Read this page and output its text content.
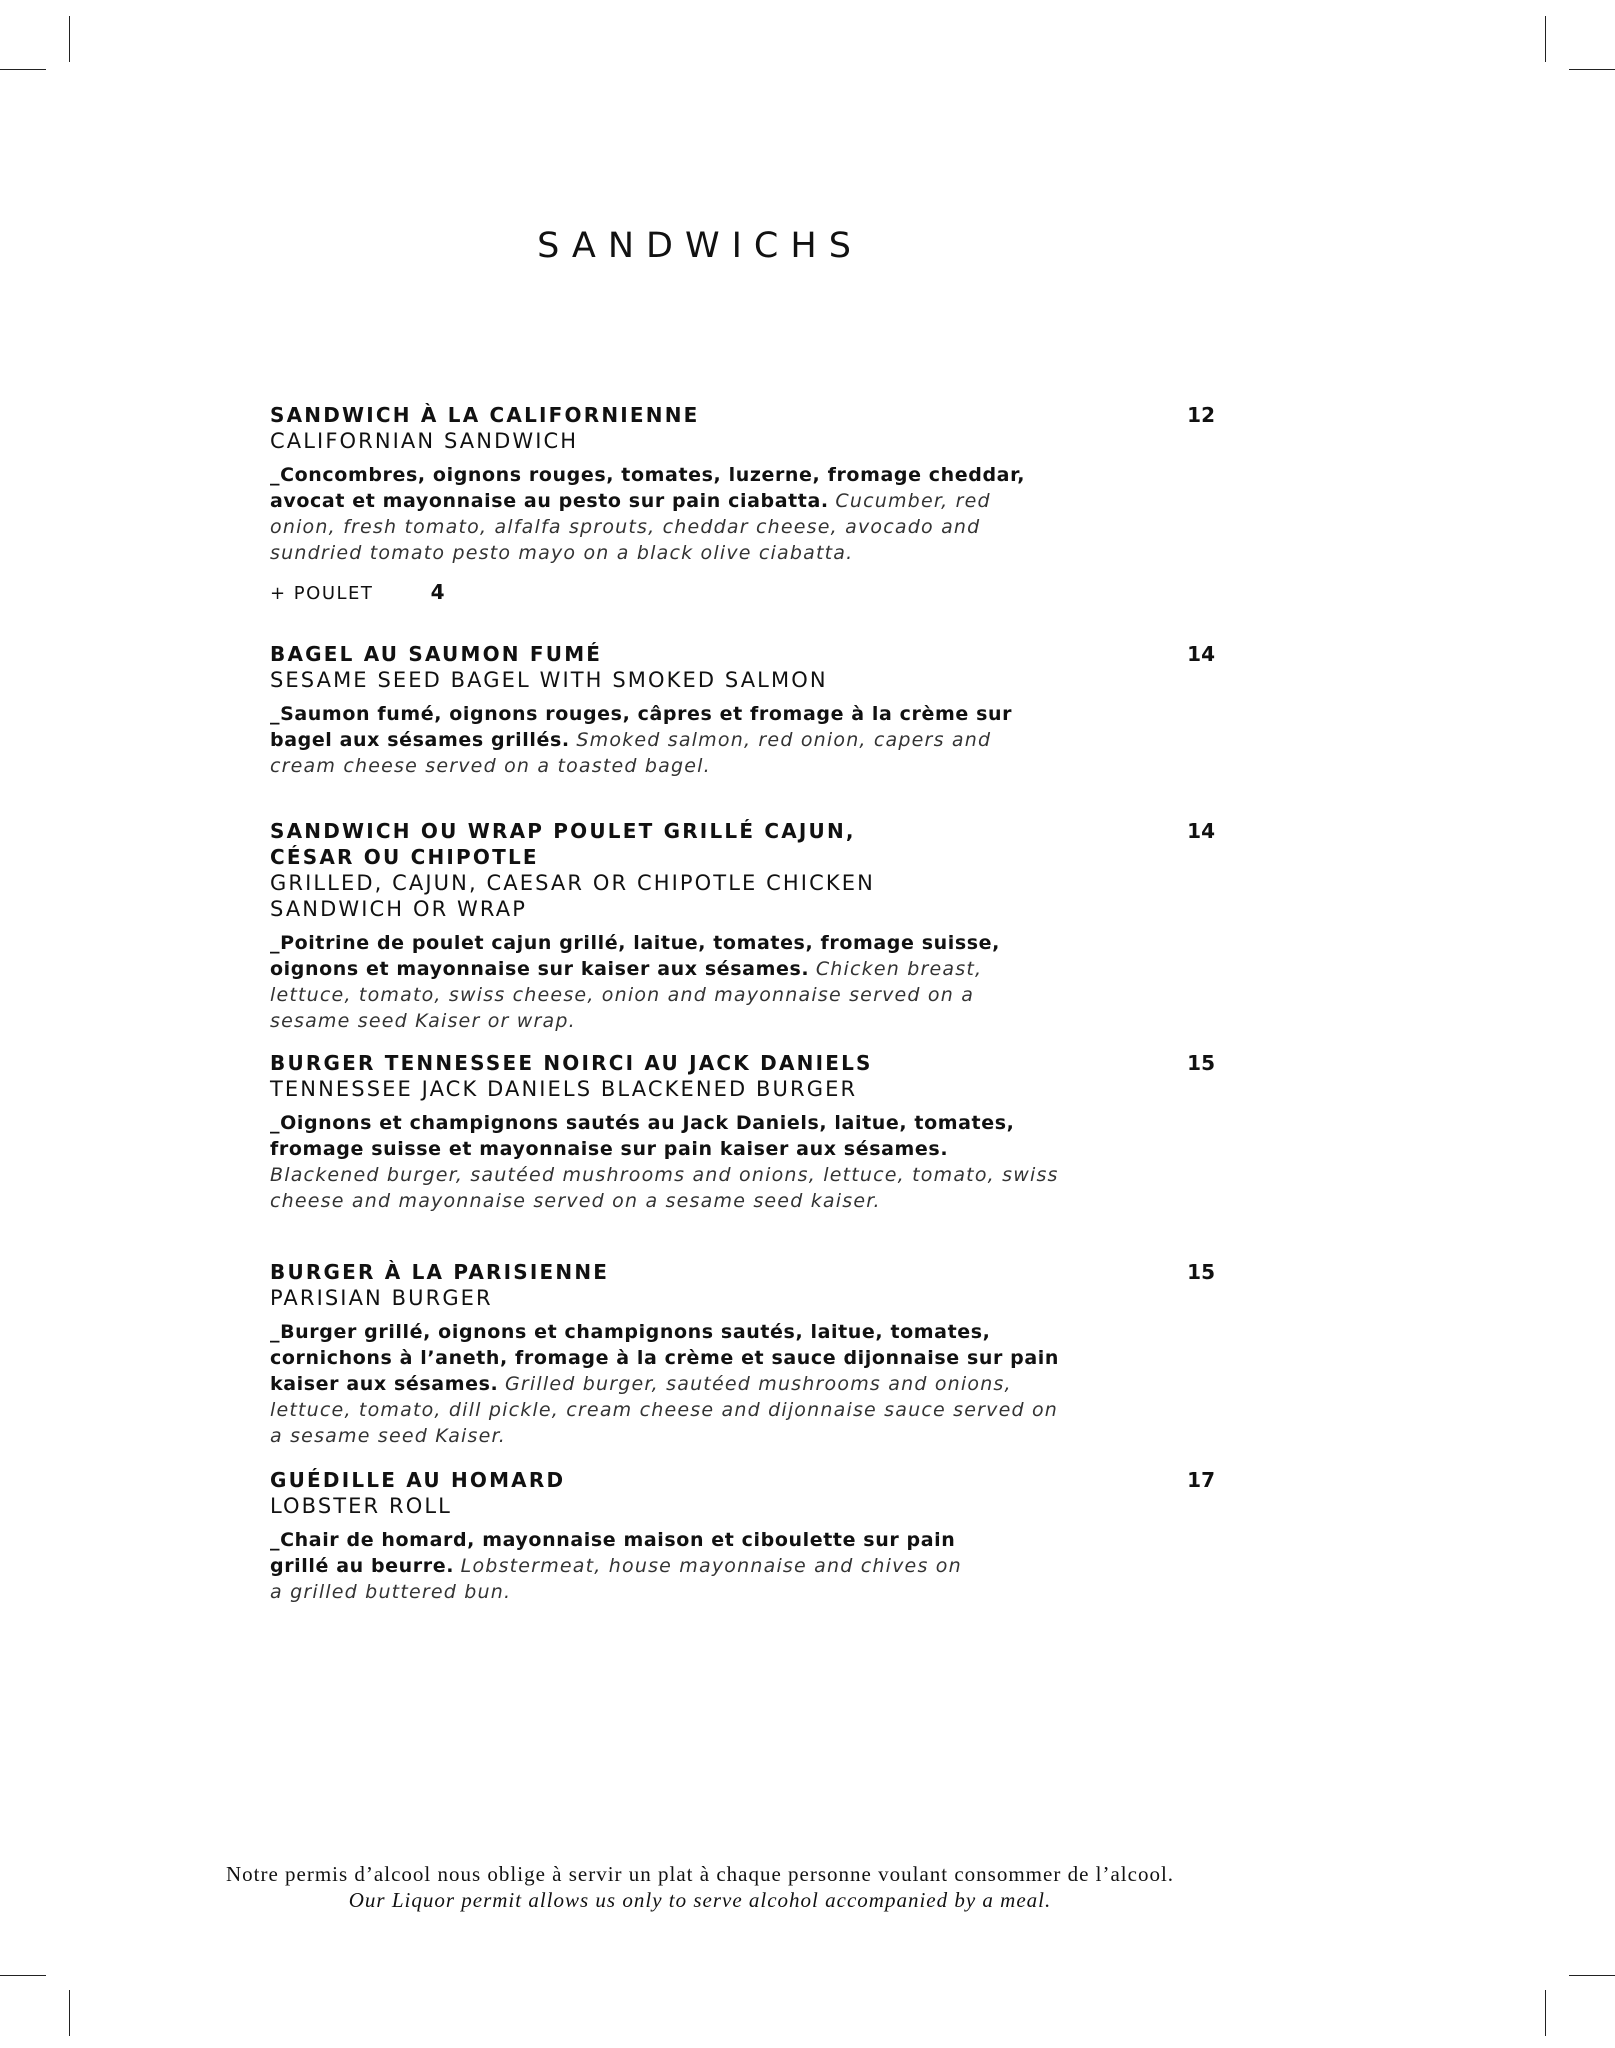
SANDWICHS
SANDWICH À LA CALIFORNIENNE
CALIFORNIAN SANDWICH
12
_Concombres, oignons rouges, tomates, luzerne, fromage cheddar, avocat et mayonnaise au pesto sur pain ciabatta. Cucumber, red onion, fresh tomato, alfalfa sprouts, cheddar cheese, avocado and sundried tomato pesto mayo on a black olive ciabatta.
+ POULET	4
BAGEL AU SAUMON FUMÉ
SESAME SEED BAGEL WITH SMOKED SALMON
14
_Saumon fumé, oignons rouges, câpres et fromage à la crème sur bagel aux sésames grillés. Smoked salmon, red onion, capers and cream cheese served on a toasted bagel.
SANDWICH OU WRAP POULET GRILLÉ CAJUN, CÉSAR OU CHIPOTLE
GRILLED, CAJUN, CAESAR OR CHIPOTLE CHICKEN SANDWICH OR WRAP
14
_Poitrine de poulet cajun grillé, laitue, tomates, fromage suisse, oignons et mayonnaise sur kaiser aux sésames. Chicken breast, lettuce, tomato, swiss cheese, onion and mayonnaise served on a sesame seed Kaiser or wrap.
BURGER TENNESSEE NOIRCI AU JACK DANIELS
TENNESSEE JACK DANIELS BLACKENED BURGER
15
_Oignons et champignons sautés au Jack Daniels, laitue, tomates, fromage suisse et mayonnaise sur pain kaiser aux sésames. Blackened burger, sautéed mushrooms and onions, lettuce, tomato, swiss cheese and mayonnaise served on a sesame seed kaiser.
BURGER À LA PARISIENNE
PARISIAN BURGER
15
_Burger grillé, oignons et champignons sautés, laitue, tomates, cornichons à l’aneth, fromage à la crème et sauce dijonnaise sur pain kaiser aux sésames. Grilled burger, sautéed mushrooms and onions, lettuce, tomato, dill pickle, cream cheese and dijonnaise sauce served on a sesame seed Kaiser.
GUÉDILLE AU HOMARD
LOBSTER ROLL
17
_Chair de homard, mayonnaise maison et ciboulette sur pain grillé au beurre. Lobstermeat, house mayonnaise and chives on a grilled buttered bun.
Notre permis d’alcool nous oblige à servir un plat à chaque personne voulant consommer de l’alcool.
Our Liquor permit allows us only to serve alcohol accompanied by a meal.
